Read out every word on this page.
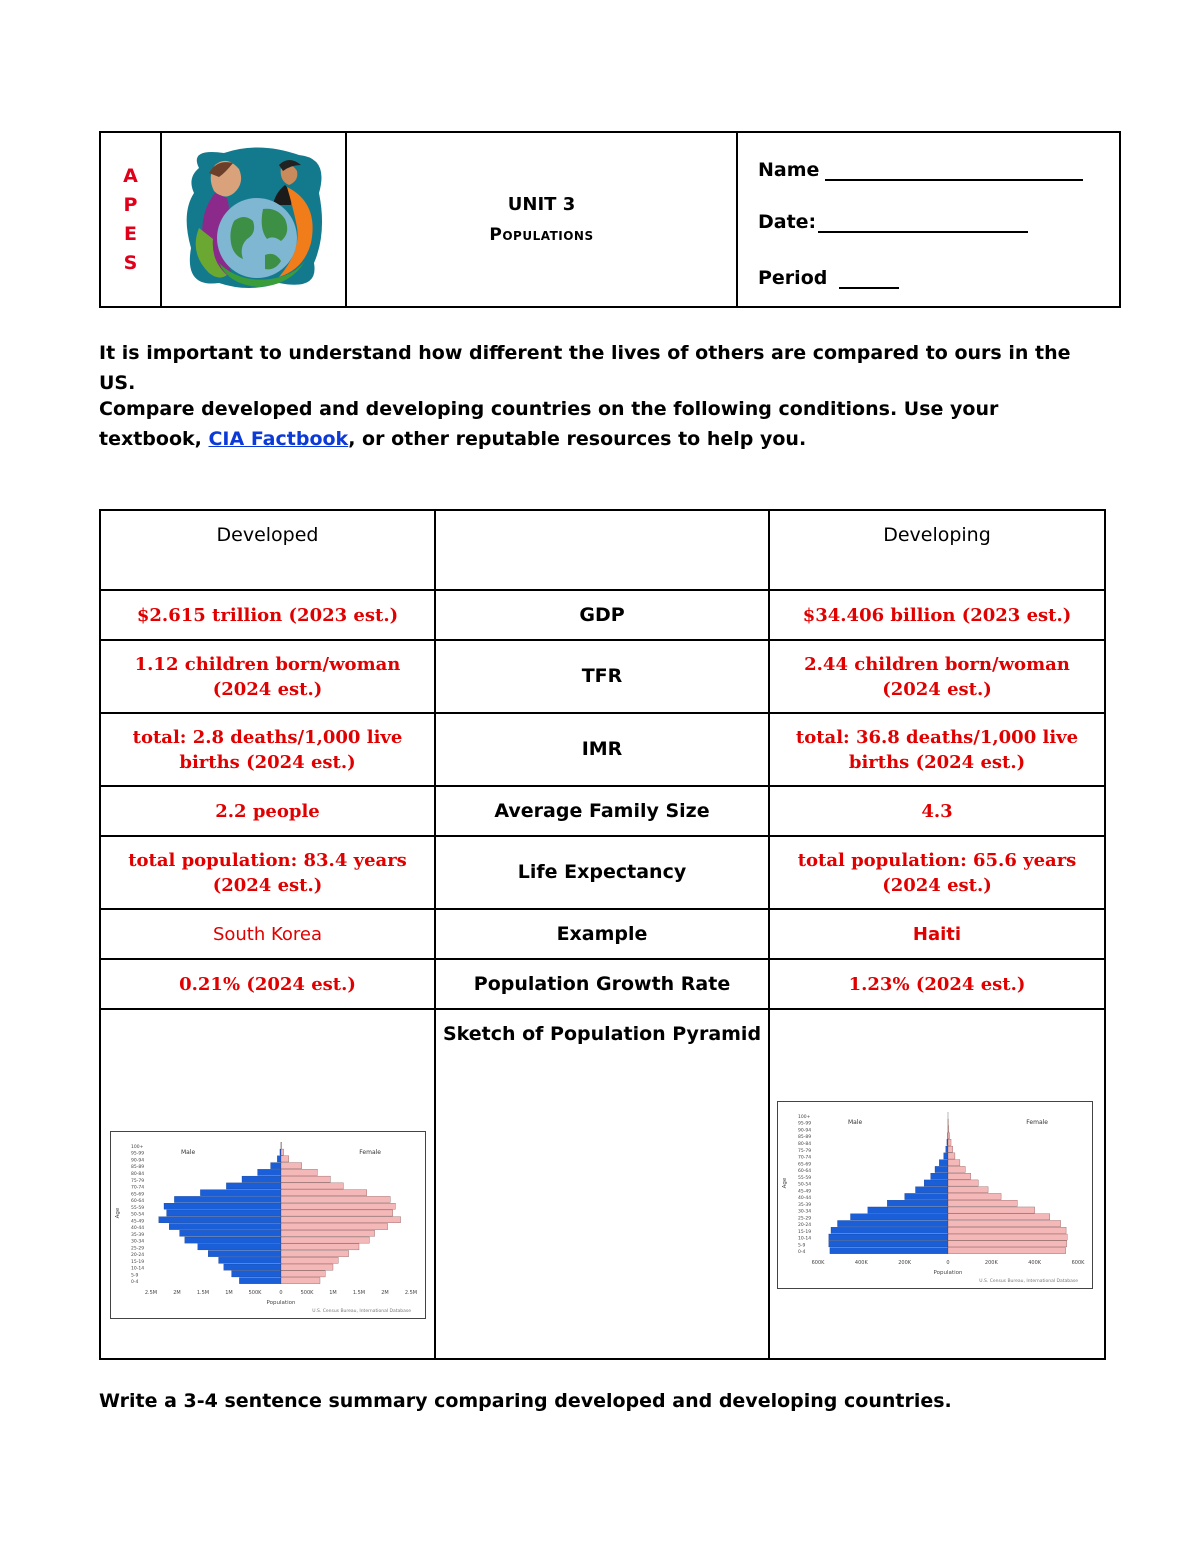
A
P
E
S

UNIT 3
Populations

Name
Date:
Period
It is important to understand how different the lives of others are compared to ours in the US.
Compare developed and developing countries on the following conditions. Use your textbook, CIA Factbook, or other reputable resources to help you.
Developed		Developing
$2.615 trillion (2023 est.)	GDP	$34.406 billion (2023 est.)
1.12 children born/woman (2024 est.)	TFR	2.44 children born/woman (2024 est.)
total: 2.8 deaths/1,000 live births (2024 est.)	IMR	total: 36.8 deaths/1,000 live births (2024 est.)
2.2 people	Average Family Size	4.3
total population: 83.4 years (2024 est.)	Life Expectancy	total population: 65.6 years (2024 est.)
South Korea	Example	Haiti
0.21% (2024 est.)	Population Growth Rate	1.23% (2024 est.)
	Sketch of Population Pyramid	
Male	Female
100+
95-99
90-94
85-89
80-84
75-79
70-74
65-69
60-64
55-59
50-54
45-49
40-44
35-39
30-34
25-29
20-24
15-19
10-14
5-9
0-4
Age
2.5M	2M	1.5M	1M	500K	0	500K	1M	1.5M	2M	2.5M
Population
U.S. Census Bureau, International Database
Male	Female
100+
95-99
90-94
85-89
80-84
75-79
70-74
65-69
60-64
55-59
50-54
45-49
40-44
35-39
30-34
25-29
20-24
15-19
10-14
5-9
0-4
Age
600K	400K	200K	0	200K	400K	600K
Population
U.S. Census Bureau, International Database
Write a 3-4 sentence summary comparing developed and developing countries.
